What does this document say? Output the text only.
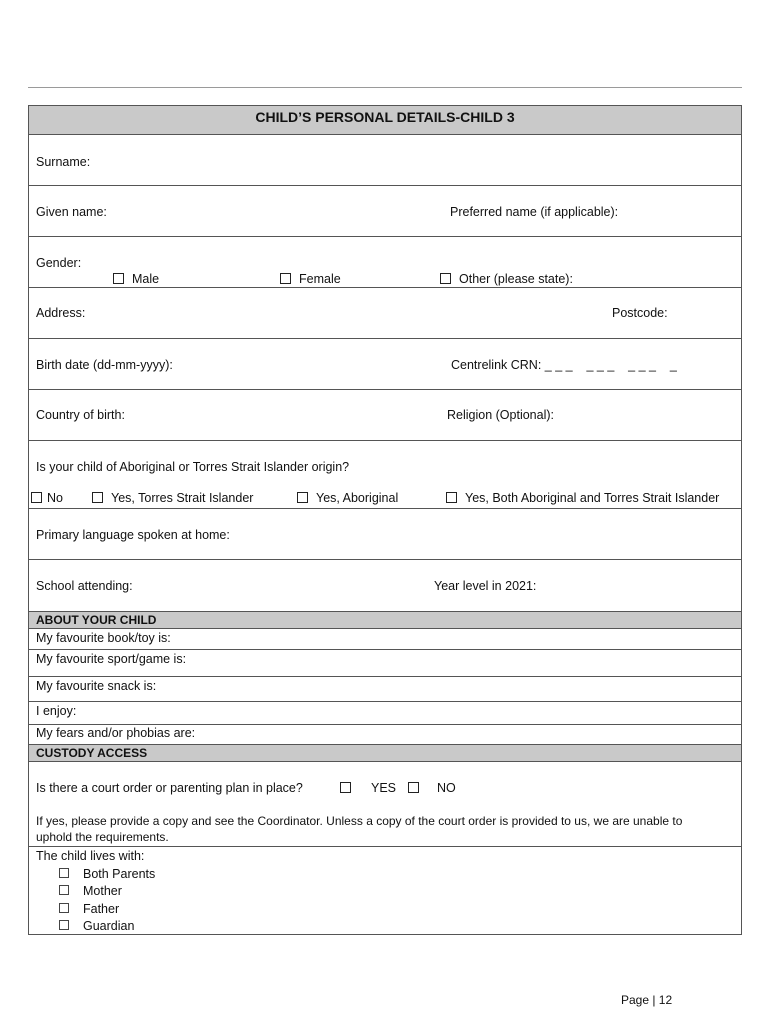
CHILD’S PERSONAL DETAILS-CHILD 3
Surname:
Given name:	Preferred name (if applicable):
Gender:
Male	Female	Other (please state):
Address:	Postcode:
Birth date (dd-mm-yyyy):	Centrelink CRN: _ _ _    _ _ _    _ _ _    _
Country of birth:	Religion (Optional):
Is your child of Aboriginal or Torres Strait Islander origin?
No	Yes, Torres Strait Islander	Yes, Aboriginal	Yes, Both Aboriginal and Torres Strait Islander
Primary language spoken at home:
School attending:	Year level in 2021:
ABOUT YOUR CHILD
My favourite book/toy is:
My favourite sport/game is:
My favourite snack is:
I enjoy:
My fears and/or phobias are:
CUSTODY ACCESS
Is there a court order or parenting plan in place?	YES	NO
If yes, please provide a copy and see the Coordinator. Unless a copy of the court order is provided to us, we are unable to
uphold the requirements.
The child lives with:
Both Parents
Mother
Father
Guardian
Page | 12
